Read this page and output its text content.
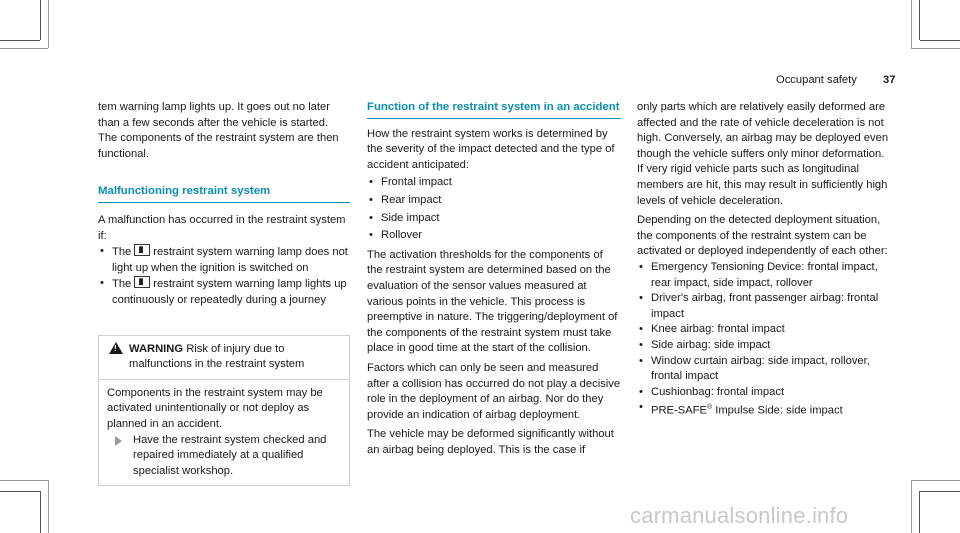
Occupant safety 37

tem warning lamp lights up. It goes out no later than a few seconds after the vehicle is started. The components of the restraint system are then functional.

Malfunctioning restraint system

A malfunction has occurred in the restraint system if:

• The restraint system warning lamp does not light up when the ignition is switched on

• The restraint system warning lamp lights up continuously or repeatedly during a journey

!
WARNING Risk of injury due to malfunctions in the restraint system

Components in the restraint system may be activated unintentionally or not deploy as planned in an accident.

Have the restraint system checked and repaired immediately at a qualified specialist workshop.

Function of the restraint system in an accident

How the restraint system works is determined by the severity of the impact detected and the type of accident anticipated:

• Frontal impact

• Rear impact

• Side impact

• Rollover

The activation thresholds for the components of the restraint system are determined based on the evaluation of the sensor values measured at various points in the vehicle. This process is preemptive in nature. The triggering/deployment of the components of the restraint system must take place in good time at the start of the collision.

Factors which can only be seen and measured after a collision has occurred do not play a decisive role in the deployment of an airbag. Nor do they provide an indication of airbag deployment.

The vehicle may be deformed significantly without an airbag being deployed. This is the case if

only parts which are relatively easily deformed are affected and the rate of vehicle deceleration is not high. Conversely, an airbag may be deployed even though the vehicle suffers only minor deformation. If very rigid vehicle parts such as longitudinal members are hit, this may result in sufficiently high levels of vehicle deceleration.

Depending on the detected deployment situation, the components of the restraint system can be activated or deployed independently of each other:

• Emergency Tensioning Device: frontal impact, rear impact, side impact, rollover

• Driver's airbag, front passenger airbag: frontal impact

• Knee airbag: frontal impact

• Side airbag: side impact

• Window curtain airbag: side impact, rollover, frontal impact

• Cushionbag: frontal impact

• PRE-SAFE® Impulse Side: side impact

carmanualsonline.info
